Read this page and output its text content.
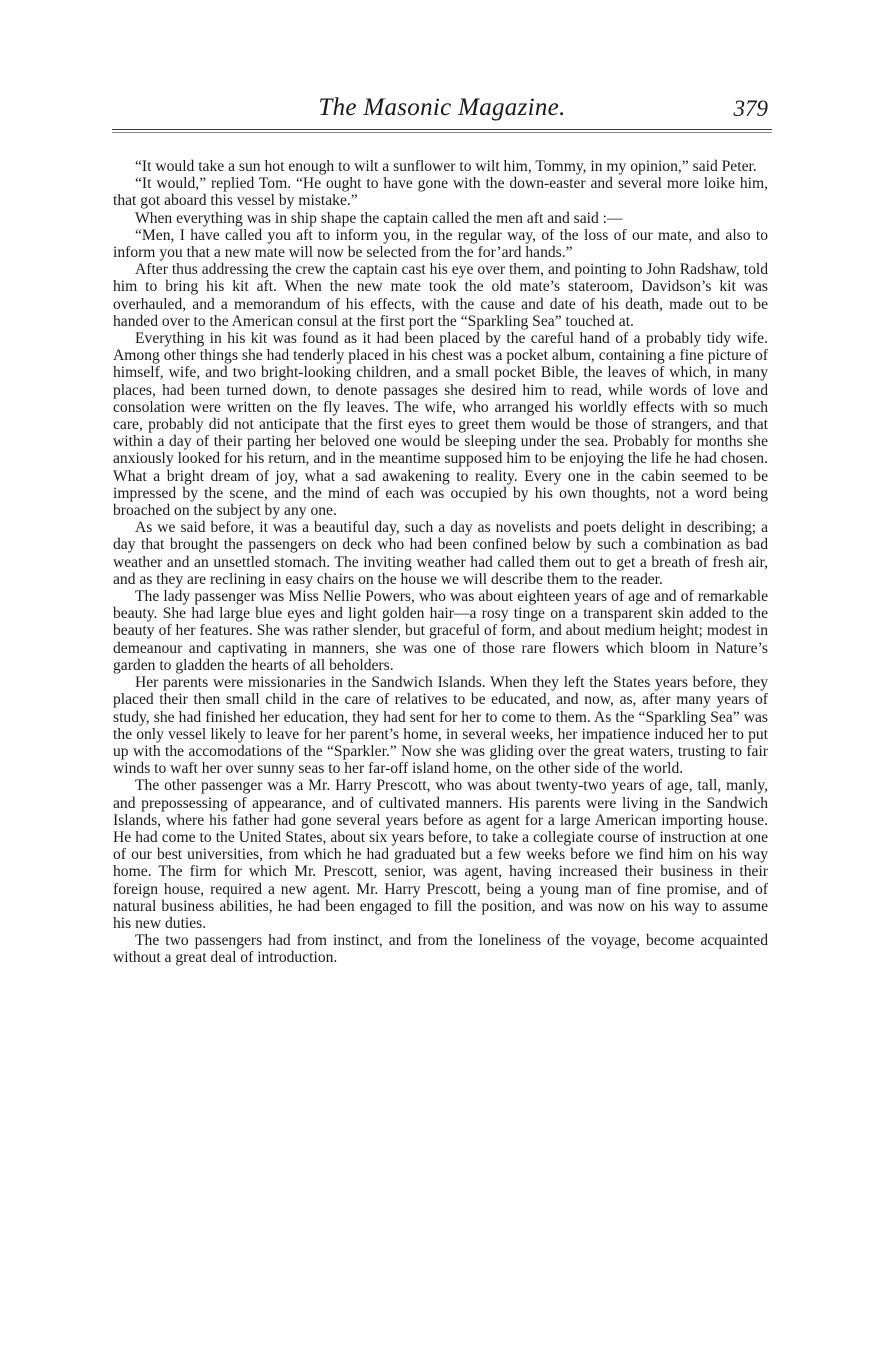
The Masonic Magazine.	379

“It would take a sun hot enough to wilt a sunflower to wilt him, Tommy, in my opinion,” said Peter.

“It would,” replied Tom. “He ought to have gone with the down-easter and several more loike him, that got aboard this vessel by mistake.”

When everything was in ship shape the captain called the men aft and said :—

“Men, I have called you aft to inform you, in the regular way, of the loss of our mate, and also to inform you that a new mate will now be selected from the for’ard hands.”

After thus addressing the crew the captain cast his eye over them, and pointing to John Radshaw, told him to bring his kit aft. When the new mate took the old mate’s stateroom, Davidson’s kit was overhauled, and a memorandum of his effects, with the cause and date of his death, made out to be handed over to the American consul at the first port the “Sparkling Sea” touched at.

Everything in his kit was found as it had been placed by the careful hand of a probably tidy wife. Among other things she had tenderly placed in his chest was a pocket album, containing a fine picture of himself, wife, and two bright-looking children, and a small pocket Bible, the leaves of which, in many places, had been turned down, to denote passages she desired him to read, while words of love and consolation were written on the fly leaves. The wife, who arranged his worldly effects with so much care, probably did not anticipate that the first eyes to greet them would be those of strangers, and that within a day of their parting her beloved one would be sleeping under the sea. Probably for months she anxiously looked for his return, and in the meantime supposed him to be enjoying the life he had chosen. What a bright dream of joy, what a sad awakening to reality. Every one in the cabin seemed to be impressed by the scene, and the mind of each was occupied by his own thoughts, not a word being broached on the subject by any one.

As we said before, it was a beautiful day, such a day as novelists and poets delight in describing; a day that brought the passengers on deck who had been confined below by such a combination as bad weather and an unsettled stomach. The inviting weather had called them out to get a breath of fresh air, and as they are reclining in easy chairs on the house we will describe them to the reader.

The lady passenger was Miss Nellie Powers, who was about eighteen years of age and of remarkable beauty. She had large blue eyes and light golden hair—a rosy tinge on a transparent skin added to the beauty of her features. She was rather slender, but graceful of form, and about medium height; modest in demeanour and captivating in manners, she was one of those rare flowers which bloom in Nature’s garden to gladden the hearts of all beholders.

Her parents were missionaries in the Sandwich Islands. When they left the States years before, they placed their then small child in the care of relatives to be educated, and now, as, after many years of study, she had finished her education, they had sent for her to come to them. As the “Sparkling Sea” was the only vessel likely to leave for her parent’s home, in several weeks, her impatience induced her to put up with the accomodations of the “Sparkler.” Now she was gliding over the great waters, trusting to fair winds to waft her over sunny seas to her far-off island home, on the other side of the world.

The other passenger was a Mr. Harry Prescott, who was about twenty-two years of age, tall, manly, and prepossessing of appearance, and of cultivated manners. His parents were living in the Sandwich Islands, where his father had gone several years before as agent for a large American importing house. He had come to the United States, about six years before, to take a collegiate course of instruction at one of our best universities, from which he had graduated but a few weeks before we find him on his way home. The firm for which Mr. Prescott, senior, was agent, having increased their business in their foreign house, required a new agent. Mr. Harry Prescott, being a young man of fine promise, and of natural business abilities, he had been engaged to fill the position, and was now on his way to assume his new duties.

The two passengers had from instinct, and from the loneliness of the voyage, become acquainted without a great deal of introduction.
